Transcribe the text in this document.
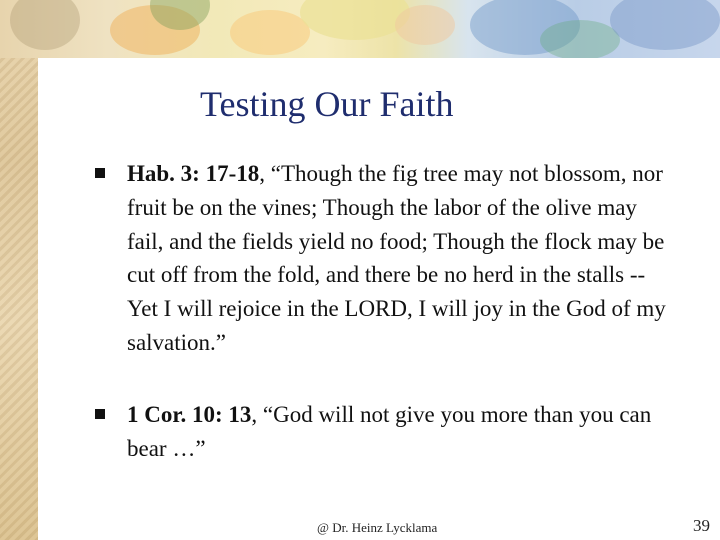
Testing Our Faith
Hab. 3: 17-18, “Though the fig tree may not blossom, nor fruit be on the vines; Though the labor of the olive may fail, and the fields yield no food; Though the flock may be cut off from the fold, and there be no herd in the stalls -- Yet I will rejoice in the LORD, I will joy in the God of my salvation.”
1 Cor. 10: 13, “God will not give you more than you can bear …”
@ Dr. Heinz Lycklama	39
